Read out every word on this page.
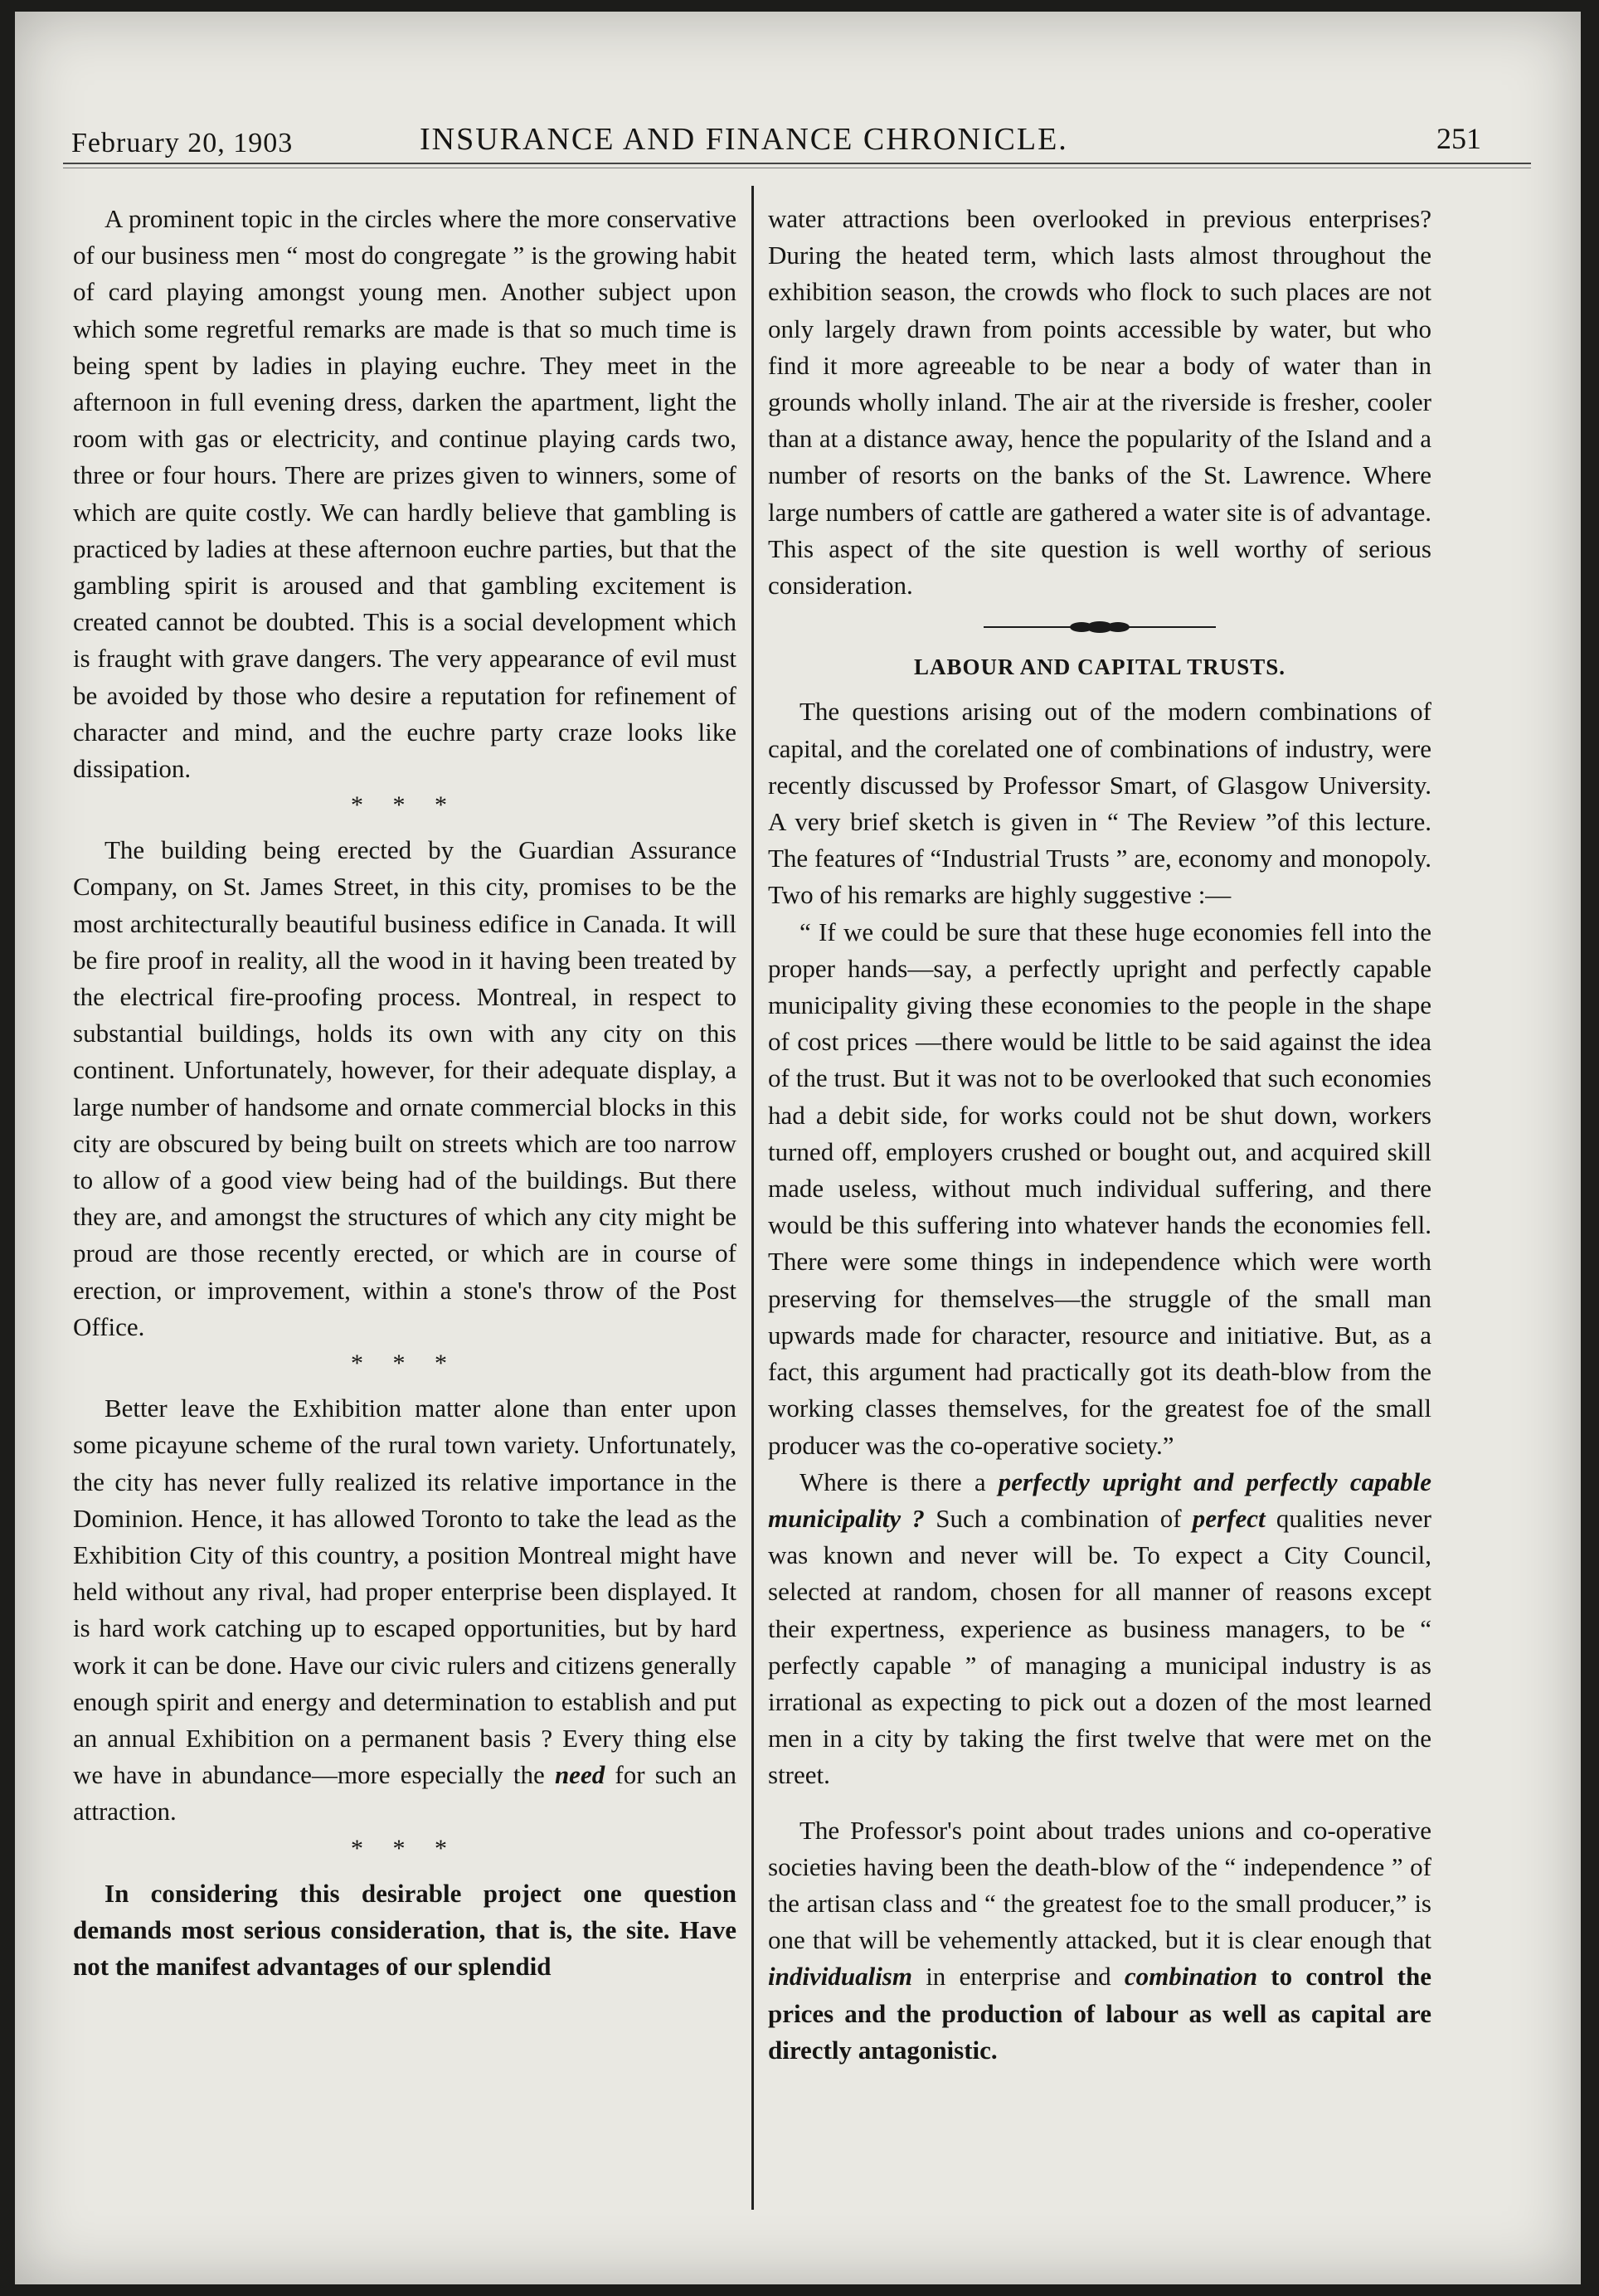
February 20, 1903	INSURANCE AND FINANCE CHRONICLE.	251

A prominent topic in the circles where the more conservative of our business men “ most do congregate ” is the growing habit of card playing amongst young men. Another subject upon which some regretful remarks are made is that so much time is being spent by ladies in playing euchre. They meet in the afternoon in full evening dress, darken the apartment, light the room with gas or electricity, and continue playing cards two, three or four hours. There are prizes given to winners, some of which are quite costly. We can hardly believe that gambling is practiced by ladies at these afternoon euchre parties, but that the gambling spirit is aroused and that gambling excitement is created cannot be doubted. This is a social development which is fraught with grave dangers. The very appearance of evil must be avoided by those who desire a reputation for refinement of character and mind, and the euchre party craze looks like dissipation.

* * *

The building being erected by the Guardian Assurance Company, on St. James Street, in this city, promises to be the most architecturally beautiful business edifice in Canada. It will be fire proof in reality, all the wood in it having been treated by the electrical fire-proofing process. Montreal, in respect to substantial buildings, holds its own with any city on this continent. Unfortunately, however, for their adequate display, a large number of handsome and ornate commercial blocks in this city are obscured by being built on streets which are too narrow to allow of a good view being had of the buildings. But there they are, and amongst the structures of which any city might be proud are those recently erected, or which are in course of erection, or improvement, within a stone's throw of the Post Office.

* * *

Better leave the Exhibition matter alone than enter upon some picayune scheme of the rural town variety. Unfortunately, the city has never fully realized its relative importance in the Dominion. Hence, it has allowed Toronto to take the lead as the Exhibition City of this country, a position Montreal might have held without any rival, had proper enterprise been displayed. It is hard work catching up to escaped opportunities, but by hard work it can be done. Have our civic rulers and citizens generally enough spirit and energy and determination to establish and put an annual Exhibition on a permanent basis ? Every thing else we have in abundance—more especially the need for such an attraction.

* * *

In considering this desirable project one question demands most serious consideration, that is, the site. Have not the manifest advantages of our splendid

water attractions been overlooked in previous enterprises? During the heated term, which lasts almost throughout the exhibition season, the crowds who flock to such places are not only largely drawn from points accessible by water, but who find it more agreeable to be near a body of water than in grounds wholly inland. The air at the riverside is fresher, cooler than at a distance away, hence the popularity of the Island and a number of resorts on the banks of the St. Lawrence. Where large numbers of cattle are gathered a water site is of advantage. This aspect of the site question is well worthy of serious consideration.

LABOUR AND CAPITAL TRUSTS.

The questions arising out of the modern combinations of capital, and the corelated one of combinations of industry, were recently discussed by Professor Smart, of Glasgow University. A very brief sketch is given in “ The Review ”of this lecture. The features of “Industrial Trusts ” are, economy and monopoly. Two of his remarks are highly suggestive :—

“ If we could be sure that these huge economies fell into the proper hands—say, a perfectly upright and perfectly capable municipality giving these economies to the people in the shape of cost prices —there would be little to be said against the idea of the trust. But it was not to be overlooked that such economies had a debit side, for works could not be shut down, workers turned off, employers crushed or bought out, and acquired skill made useless, without much individual suffering, and there would be this suffering into whatever hands the economies fell. There were some things in independence which were worth preserving for themselves—the struggle of the small man upwards made for character, resource and initiative. But, as a fact, this argument had practically got its death-blow from the working classes themselves, for the greatest foe of the small producer was the co-operative society.”

Where is there a perfectly upright and perfectly capable municipality ? Such a combination of perfect qualities never was known and never will be. To expect a City Council, selected at random, chosen for all manner of reasons except their expertness, experience as business managers, to be “ perfectly capable ” of managing a municipal industry is as irrational as expecting to pick out a dozen of the most learned men in a city by taking the first twelve that were met on the street.

The Professor's point about trades unions and co-operative societies having been the death-blow of the “ independence ” of the artisan class and “ the greatest foe to the small producer,” is one that will be vehemently attacked, but it is clear enough that individualism in enterprise and combination to control the prices and the production of labour as well as capital are directly antagonistic.
